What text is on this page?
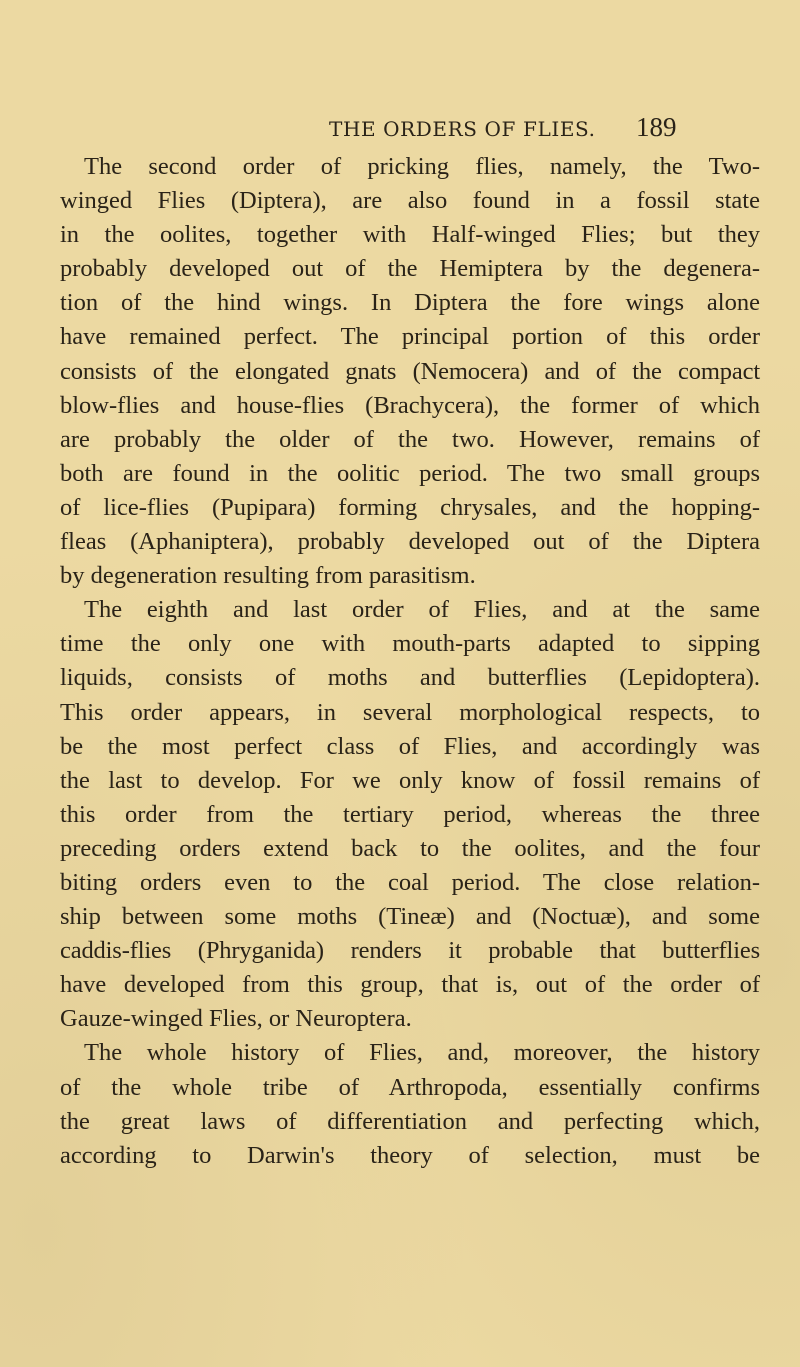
THE ORDERS OF FLIES. 189
The second order of pricking flies, namely, the Two-
winged Flies (Diptera), are also found in a fossil state
in the oolites, together with Half-winged Flies; but they
probably developed out of the Hemiptera by the degenera-
tion of the hind wings. In Diptera the fore wings alone
have remained perfect. The principal portion of this order
consists of the elongated gnats (Nemocera) and of the compact
blow-flies and house-flies (Brachycera), the former of which
are probably the older of the two. However, remains of
both are found in the oolitic period. The two small groups
of lice-flies (Pupipara) forming chrysales, and the hopping-
fleas (Aphaniptera), probably developed out of the Diptera
by degeneration resulting from parasitism.
The eighth and last order of Flies, and at the same
time the only one with mouth-parts adapted to sipping
liquids, consists of moths and butterflies (Lepidoptera).
This order appears, in several morphological respects, to
be the most perfect class of Flies, and accordingly was
the last to develop. For we only know of fossil remains of
this order from the tertiary period, whereas the three
preceding orders extend back to the oolites, and the four
biting orders even to the coal period. The close relation-
ship between some moths (Tineæ) and (Noctuæ), and some
caddis-flies (Phryganida) renders it probable that butterflies
have developed from this group, that is, out of the order of
Gauze-winged Flies, or Neuroptera.
The whole history of Flies, and, moreover, the history
of the whole tribe of Arthropoda, essentially confirms
the great laws of differentiation and perfecting which,
according to Darwin's theory of selection, must be
